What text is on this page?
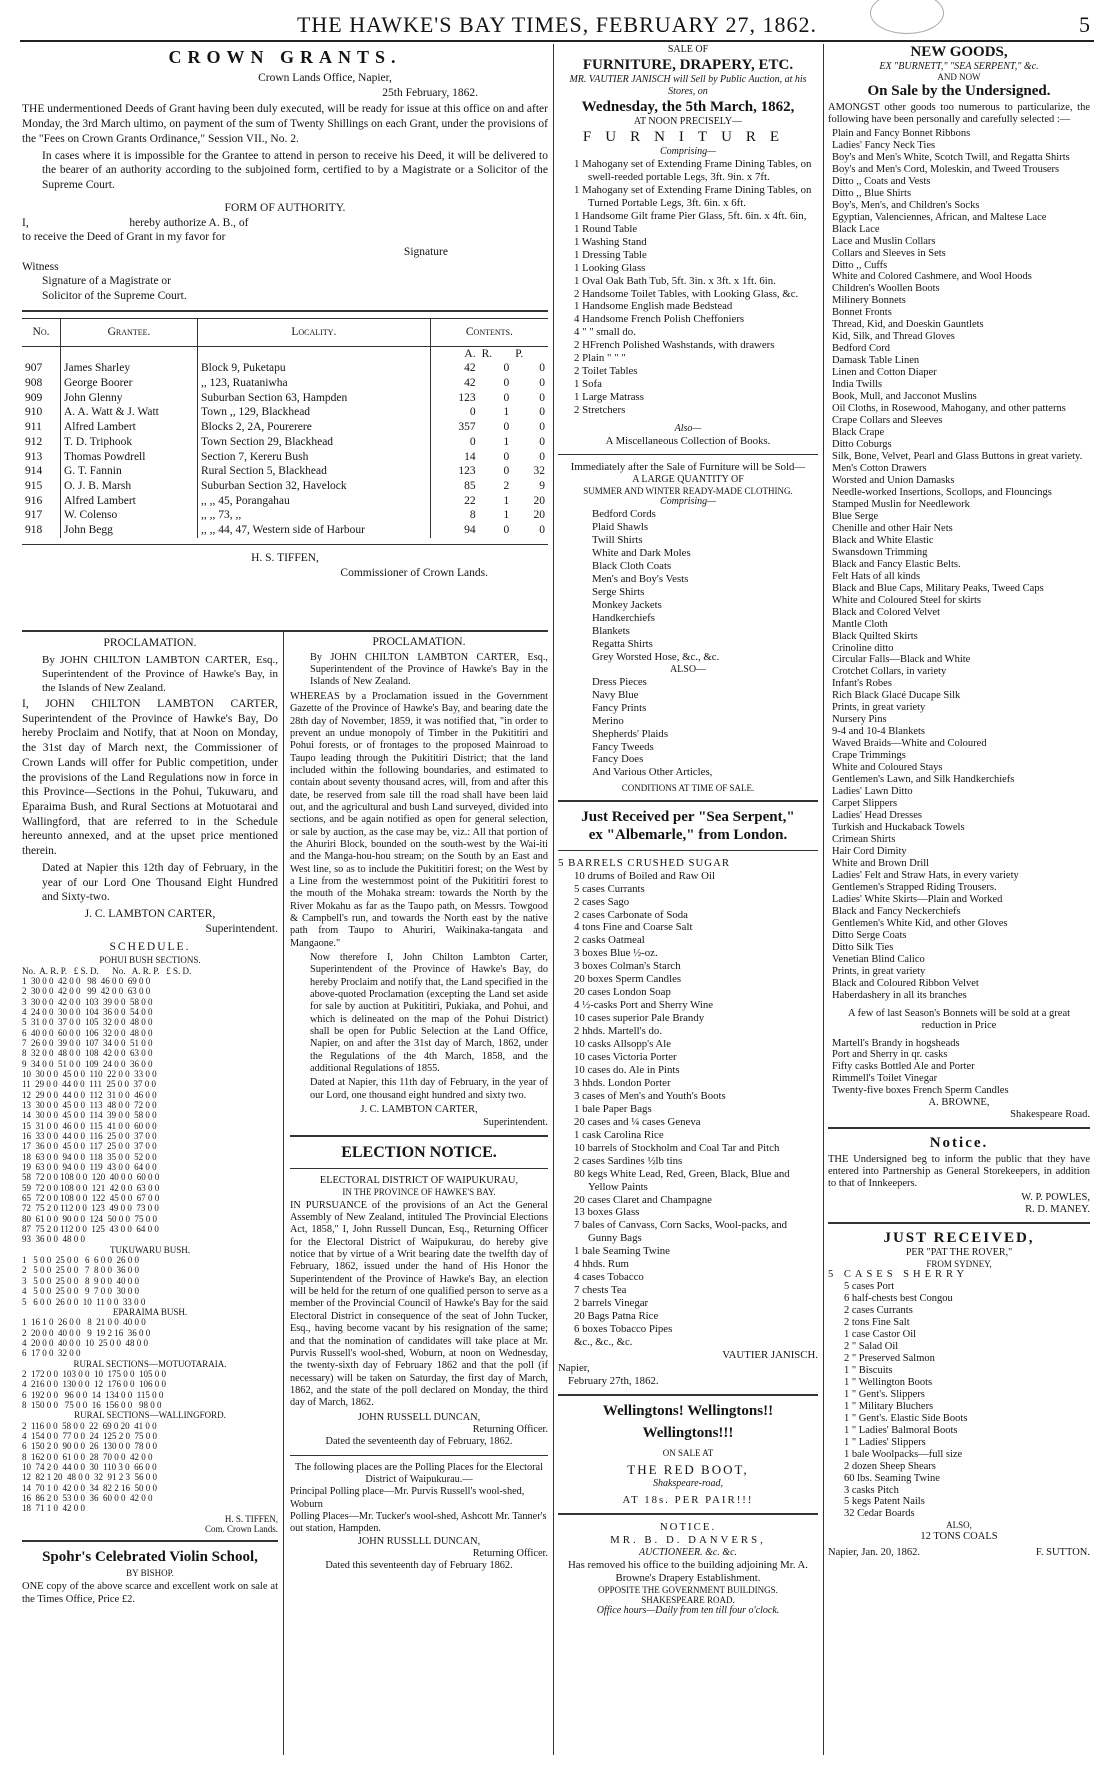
THE HAWKE'S BAY TIMES, FEBRUARY 27, 1862.	5
CROWN GRANTS.
Crown Lands Office, Napier,
25th February, 1862.

THE undermentioned Deeds of Grant having been duly executed, will be ready for issue at this office on and after Monday, the 3rd March ultimo, on payment of the sum of Twenty Shillings on each Grant, under the provisions of the "Fees on Crown Grants Ordinance," Session VII., No. 2.

In cases where it is impossible for the Grantee to attend in person to receive his Deed, it will be delivered to the bearer of an authority according to the subjoined form, certified to by a Magistrate or a Solicitor of the Supreme Court.

FORM OF AUTHORITY.
I,                                   hereby authorize A. B., of
to receive the Deed of Grant in my favor for
Signature
Witness
Signature of a Magistrate or
Solicitor of the Supreme Court.
No.	Grantee.	Locality.	Contents.		
			A.	R.	P.
907	James Sharley	Block 9, Puketapu	42	0	0
908	George Boorer	,, 123, Ruataniwha	42	0	0
909	John Glenny	Suburban Section 63, Hampden	123	0	0
910	A. A. Watt & J. Watt	Town ,, 129, Blackhead	0	1	0
911	Alfred Lambert	Blocks 2, 2A, Pourerere	357	0	0
912	T. D. Triphook	Town Section 29, Blackhead	0	1	0
913	Thomas Powdrell	Section 7, Kereru Bush	14	0	0
914	G. T. Fannin	Rural Section 5, Blackhead	123	0	32
915	O. J. B. Marsh	Suburban Section 32, Havelock	85	2	9
916	Alfred Lambert	,, ,, 45, Porangahau	22	1	20
917	W. Colenso	,, ,, 73, ,,	8	1	20
918	John Begg	,, ,, 44, 47, Western side of Harbour	94	0	0
H. S. TIFFEN,
Commissioner of Crown Lands.
PROCLAMATION.

By JOHN CHILTON LAMBTON CARTER, Esq., Superintendent of the Province of Hawke's Bay, in the Islands of New Zealand.

I, JOHN CHILTON LAMBTON CARTER, Superintendent of the Province of Hawke's Bay, Do hereby Proclaim and Notify, that at Noon on Monday, the 31st day of March next, the Commissioner of Crown Lands will offer for Public competition, under the provisions of the Land Regulations now in force in this Province—Sections in the Pohui, Tukuwaru, and Eparaima Bush, and Rural Sections at Motuotarai and Wallingford, that are referred to in the Schedule hereunto annexed, and at the upset price mentioned therein.

Dated at Napier this 12th day of February, in the year of our Lord One Thousand Eight Hundred and Sixty-two.

J. C. LAMBTON CARTER,
Superintendent.
SCHEDULE.
POHUI BUSH SECTIONS.
No.  A. R. P.   £ S. D.      No.   A. R. P.   £ S. D.
1  30 0 0  42 0 0   98  46 0 0  69 0 0
2  30 0 0  42 0 0   99  42 0 0  63 0 0
3  30 0 0  42 0 0  103  39 0 0  58 0 0
4  24 0 0  30 0 0  104  36 0 0  54 0 0
5  31 0 0  37 0 0  105  32 0 0  48 0 0
6  40 0 0  60 0 0  106  32 0 0  48 0 0
7  26 0 0  39 0 0  107  34 0 0  51 0 0
8  32 0 0  48 0 0  108  42 0 0  63 0 0
9  34 0 0  51 0 0  109  24 0 0  36 0 0
10  30 0 0  45 0 0  110  22 0 0  33 0 0
11  29 0 0  44 0 0  111  25 0 0  37 0 0
12  29 0 0  44 0 0  112  31 0 0  46 0 0
13  30 0 0  45 0 0  113  48 0 0  72 0 0
14  30 0 0  45 0 0  114  39 0 0  58 0 0
15  31 0 0  46 0 0  115  41 0 0  60 0 0
16  33 0 0  44 0 0  116  25 0 0  37 0 0
17  36 0 0  45 0 0  117  25 0 0  37 0 0
18  63 0 0  94 0 0  118  35 0 0  52 0 0
19  63 0 0  94 0 0  119  43 0 0  64 0 0
58  72 0 0 108 0 0  120  40 0 0  60 0 0
59  72 0 0 108 0 0  121  42 0 0  63 0 0
65  72 0 0 108 0 0  122  45 0 0  67 0 0
72  75 2 0 112 0 0  123  49 0 0  73 0 0
80  61 0 0  90 0 0  124  50 0 0  75 0 0
87  75 2 0 112 0 0  125  43 0 0  64 0 0
93  36 0 0  48 0 0
TUKUWARU BUSH.
1   5 0 0  25 0 0   6  6 0 0  26 0 0
2   5 0 0  25 0 0   7  8 0 0  36 0 0
3   5 0 0  25 0 0   8  9 0 0  40 0 0
4   5 0 0  25 0 0   9  7 0 0  30 0 0
5   6 0 0  26 0 0  10  11 0 0  33 0 0
EPARAIMA BUSH.
1  16 1 0  26 0 0   8  21 0 0  40 0 0
2  20 0 0  40 0 0   9  19 2 16  36 0 0
4  20 0 0  40 0 0  10  25 0 0  48 0 0
6  17 0 0  32 0 0
RURAL SECTIONS—MOTUOTARAIA.
2  172 0 0  103 0 0  10  175 0 0  105 0 0
4  216 0 0  130 0 0  12  176 0 0  106 0 0
6  192 0 0   96 0 0  14  134 0 0  115 0 0
8  150 0 0   75 0 0  16  156 0 0   98 0 0
RURAL SECTIONS—WALLINGFORD.
2  116 0 0  58 0 0  22  69 0 20  41 0 0
4  154 0 0  77 0 0  24  125 2 0  75 0 0
6  150 2 0  90 0 0  26  130 0 0  78 0 0
8  162 0 0  61 0 0  28  70 0 0  42 0 0
10  74 2 0  44 0 0  30  110 3 0  66 0 0
12  82 1 20  48 0 0  32  91 2 3  56 0 0
14  70 1 0  42 0 0  34  82 2 16  50 0 0
16  86 2 0  53 0 0  36  60 0 0  42 0 0
18  71 1 0  42 0 0
H. S. TIFFEN,
Com. Crown Lands.
Spohr's Celebrated Violin School,
BY BISHOP.

ONE copy of the above scarce and excellent work on sale at the Times Office, Price £2.

PROCLAMATION.

By JOHN CHILTON LAMBTON CARTER, Esq., Superintendent of the Province of Hawke's Bay in the Islands of New Zealand.

WHEREAS by a Proclamation issued in the Government Gazette of the Province of Hawke's Bay, and bearing date the 28th day of November, 1859, it was notified that, "in order to prevent an undue monopoly of Timber in the Pukititiri and Pohui forests, or of frontages to the proposed Mainroad to Taupo leading through the Pukititiri District; that the land included within the following boundaries, and estimated to contain about seventy thousand acres, will, from and after this date, be reserved from sale till the road shall have been laid out, and the agricultural and bush Land surveyed, divided into sections, and be again notified as open for general selection, or sale by auction, as the case may be, viz.: All that portion of the Ahuriri Block, bounded on the south-west by the Wai-iti and the Manga-hou-hou stream; on the South by an East and West line, so as to include the Pukititiri forest; on the West by a Line from the westernmost point of the Pukititiri forest to the mouth of the Mohaka stream: towards the North by the River Mokahu as far as the Taupo path, on Messrs. Towgood & Campbell's run, and towards the North east by the native path from Taupo to Ahuriri, Waikinaka-tangata and Mangaone."

Now therefore I, John Chilton Lambton Carter, Superintendent of the Province of Hawke's Bay, do hereby Proclaim and notify that, the Land specified in the above-quoted Proclamation (excepting the Land set aside for sale by auction at Pukititiri, Pukiaka, and Pohui, and which is delineated on the map of the Pohui District) shall be open for Public Selection at the Land Office, Napier, on and after the 31st day of March, 1862, under the Regulations of the 4th March, 1858, and the additional Regulations of 1855.

Dated at Napier, this 11th day of February, in the year of our Lord, one thousand eight hundred and sixty two.

J. C. LAMBTON CARTER,
Superintendent.
ELECTION NOTICE.
ELECTORAL DISTRICT OF WAIPUKURAU,
IN THE PROVINCE OF HAWKE'S BAY.

IN PURSUANCE of the provisions of an Act the General Assembly of New Zealand, intituled The Provincial Elections Act, 1858," I, John Russell Duncan, Esq., Returning Officer for the Electoral District of Waipukurau, do hereby give notice that by virtue of a Writ bearing date the twelfth day of February, 1862, issued under the hand of His Honor the Superintendent of the Province of Hawke's Bay, an election will be held for the return of one qualified person to serve as a member of the Provincial Council of Hawke's Bay for the said Electoral District in consequence of the seat of John Tucker, Esq., having become vacant by his resignation of the same; and that the nomination of candidates will take place at Mr. Purvis Russell's wool-shed, Woburn, at noon on Wednesday, the twenty-sixth day of February 1862 and that the poll (if necessary) will be taken on Saturday, the first day of March, 1862, and the state of the poll declared on Monday, the third day of March, 1862.

JOHN RUSSELL DUNCAN,
Returning Officer.
Dated the seventeenth day of February, 1862.
The following places are the Polling Places for the Electoral District of Waipukurau.—
Principal Polling place—Mr. Purvis Russell's wool-shed, Woburn
Polling Places—Mr. Tucker's wool-shed, Ashcott Mr. Tanner's out station, Hampden.
JOHN RUSSLLL DUNCAN,
Returning Officer.
Dated this seventeenth day of February 1862.
SALE OF
FURNITURE, DRAPERY, ETC.
MR. VAUTIER JANISCH will Sell by Public Auction, at his Stores, on
Wednesday, the 5th March, 1862,
AT NOON PRECISELY—
FURNITURE
Comprising—
1 Mahogany set of Extending Frame Dining Tables, on swell-reeded portable Legs, 3ft. 9in. x 7ft.
1 Mahogany set of Extending Frame Dining Tables, on Turned Portable Legs, 3ft. 6in. x 6ft.
1 Handsome Gilt frame Pier Glass, 5ft. 6in. x 4ft. 6in,
1 Round Table
1 Washing Stand
1 Dressing Table
1 Looking Glass
1 Oval Oak Bath Tub, 5ft. 3in. x 3ft. x 1ft. 6in.
2 Handsome Toilet Tables, with Looking Glass, &c.
1 Handsome English made Bedstead
4 Handsome French Polish Cheffoniers
4 " " small do.
2 HFrench Polished Washstands, with drawers
2 Plain " " "
2 Toilet Tables
1 Sofa
1 Large Matrass
2 Stretchers
Also—
A Miscellaneous Collection of Books.
Immediately after the Sale of Furniture will be Sold—
A LARGE QUANTITY OF
SUMMER AND WINTER READY-MADE CLOTHING.
Comprising—
Bedford Cords
Plaid Shawls
Twill Shirts
White and Dark Moles
Black Cloth Coats
Men's and Boy's Vests
Serge Shirts
Monkey Jackets
Handkerchiefs
Blankets
Regatta Shirts
Grey Worsted Hose, &c., &c.
ALSO—
Dress Pieces
Navy Blue
Fancy Prints
Merino
Shepherds' Plaids
Fancy Tweeds
Fancy Does
And Various Other Articles,
CONDITIONS AT TIME OF SALE.
Just Received per "Sea Serpent,"
ex "Albemarle," from London.
5 BARRELS CRUSHED SUGAR
10 drums of Boiled and Raw Oil
5 cases Currants
2 cases Sago
2 cases Carbonate of Soda
4 tons Fine and Coarse Salt
2 casks Oatmeal
3 boxes Blue ½-oz.
3 boxes Colman's Starch
20 boxes Sperm Candles
20 cases London Soap
4 ½-casks Port and Sherry Wine
10 cases superior Pale Brandy
2 hhds. Martell's do.
10 casks Allsopp's Ale
10 cases Victoria Porter
10 cases do. Ale in Pints
3 hhds. London Porter
3 cases of Men's and Youth's Boots
1 bale Paper Bags
20 cases and ¼ cases Geneva
1 cask Carolina Rice
10 barrels of Stockholm and Coal Tar and Pitch
2 cases Sardines ½lb tins
80 kegs White Lead, Red, Green, Black, Blue and Yellow Paints
20 cases Claret and Champagne
13 boxes Glass
7 bales of Canvass, Corn Sacks, Wool-packs, and Gunny Bags
1 bale Seaming Twine
4 hhds. Rum
4 cases Tobacco
7 chests Tea
2 barrels Vinegar
20 Bags Patna Rice
6 boxes Tobacco Pipes
&c., &c., &c.
VAUTIER JANISCH.
Napier,
February 27th, 1862.
Wellingtons! Wellingtons!!
Wellingtons!!!
ON SALE AT
THE RED BOOT,
Shakspeare-road,
AT 18s. PER PAIR!!!
NOTICE.
MR. B. D. DANVERS,
AUCTIONEER. &c. &c.
Has removed his office to the building adjoining Mr. A. Browne's Drapery Establishment.
OPPOSITE THE GOVERNMENT BUILDINGS.
SHAKESPEARE ROAD.
Office hours—Daily from ten till four o'clock.
NEW GOODS,
EX "BURNETT," "SEA SERPENT," &c.
AND NOW
On Sale by the Undersigned.

AMONGST other goods too numerous to particularize, the following have been personally and carefully selected :—

Plain and Fancy Bonnet Ribbons
Ladies' Fancy Neck Ties
Boy's and Men's White, Scotch Twill, and Regatta Shirts
Boy's and Men's Cord, Moleskin, and Tweed Trousers
Ditto ,, Coats and Vests
Ditto ,, Blue Shirts
Boy's, Men's, and Children's Socks
Egyptian, Valenciennes, African, and Maltese Lace
Black Lace
Lace and Muslin Collars
Collars and Sleeves in Sets
Ditto ,, Cuffs
White and Colored Cashmere, and Wool Hoods
Children's Woollen Boots
Milinery Bonnets
Bonnet Fronts
Thread, Kid, and Doeskin Gauntlets
Kid, Silk, and Thread Gloves
Bedford Cord
Damask Table Linen
Linen and Cotton Diaper
India Twills
Book, Mull, and Jacconot Muslins
Oil Cloths, in Rosewood, Mahogany, and other patterns
Crape Collars and Sleeves
Black Crape
Ditto Coburgs
Silk, Bone, Velvet, Pearl and Glass Buttons in great variety.
Men's Cotton Drawers
Worsted and Union Damasks
Needle-worked Insertions, Scollops, and Flouncings
Stamped Muslin for Needlework
Blue Serge
Chenille and other Hair Nets
Black and White Elastic
Swansdown Trimming
Black and Fancy Elastic Belts.
Felt Hats of all kinds
Black and Blue Caps, Military Peaks, Tweed Caps
White and Coloured Steel for skirts
Black and Colored Velvet
Mantle Cloth
Black Quilted Skirts
Crinoline ditto
Circular Falls—Black and White
Crotchet Collars, in variety
Infant's Robes
Rich Black Glacé Ducape Silk
Prints, in great variety
Nursery Pins
9-4 and 10-4 Blankets
Waved Braids—White and Coloured
Crape Trimmings
White and Coloured Stays
Gentlemen's Lawn, and Silk Handkerchiefs
Ladies' Lawn Ditto
Carpet Slippers
Ladies' Head Dresses
Turkish and Huckaback Towels
Crimean Shirts
Hair Cord Dimity
White and Brown Drill
Ladies' Felt and Straw Hats, in every variety
Gentlemen's Strapped Riding Trousers.
Ladies' White Skirts—Plain and Worked
Black and Fancy Neckerchiefs
Gentlemen's White Kid, and other Gloves
Ditto Serge Coats
Ditto Silk Ties
Venetian Blind Calico
Prints, in great variety
Black and Coloured Ribbon Velvet
Haberdashery in all its branches

A few of last Season's Bonnets will be sold at a great reduction in Price

Martell's Brandy in hogsheads
Port and Sherry in qr. casks
Fifty casks Bottled Ale and Porter
Rimmell's Toilet Vinegar
Twenty-five boxes French Sperm Candles
A. BROWNE,
Shakespeare Road.
Notice.

THE Undersigned beg to inform the public that they have entered into Partnership as General Storekeepers, in addition to that of Innkeepers.

W. P. POWLES,
R. D. MANEY.
JUST RECEIVED,
PER "PAT THE ROVER,"
FROM SYDNEY,
5 CASES SHERRY
5 cases Port
6 half-chests best Congou
2 cases Currants
2 tons Fine Salt
1 case Castor Oil
2 " Salad Oil
2 " Preserved Salmon
1 " Biscuits
1 " Wellington Boots
1 " Gent's. Slippers
1 " Military Bluchers
1 " Gent's. Elastic Side Boots
1 " Ladies' Balmoral Boots
1 " Ladies' Slippers
1 bale Woolpacks—full size
2 dozen Sheep Shears
60 lbs. Seaming Twine
3 casks Pitch
5 kegs Patent Nails
32 Cedar Boards
ALSO,
12 TONS COALS
Napier, Jan. 20, 1862.	F. SUTTON.
